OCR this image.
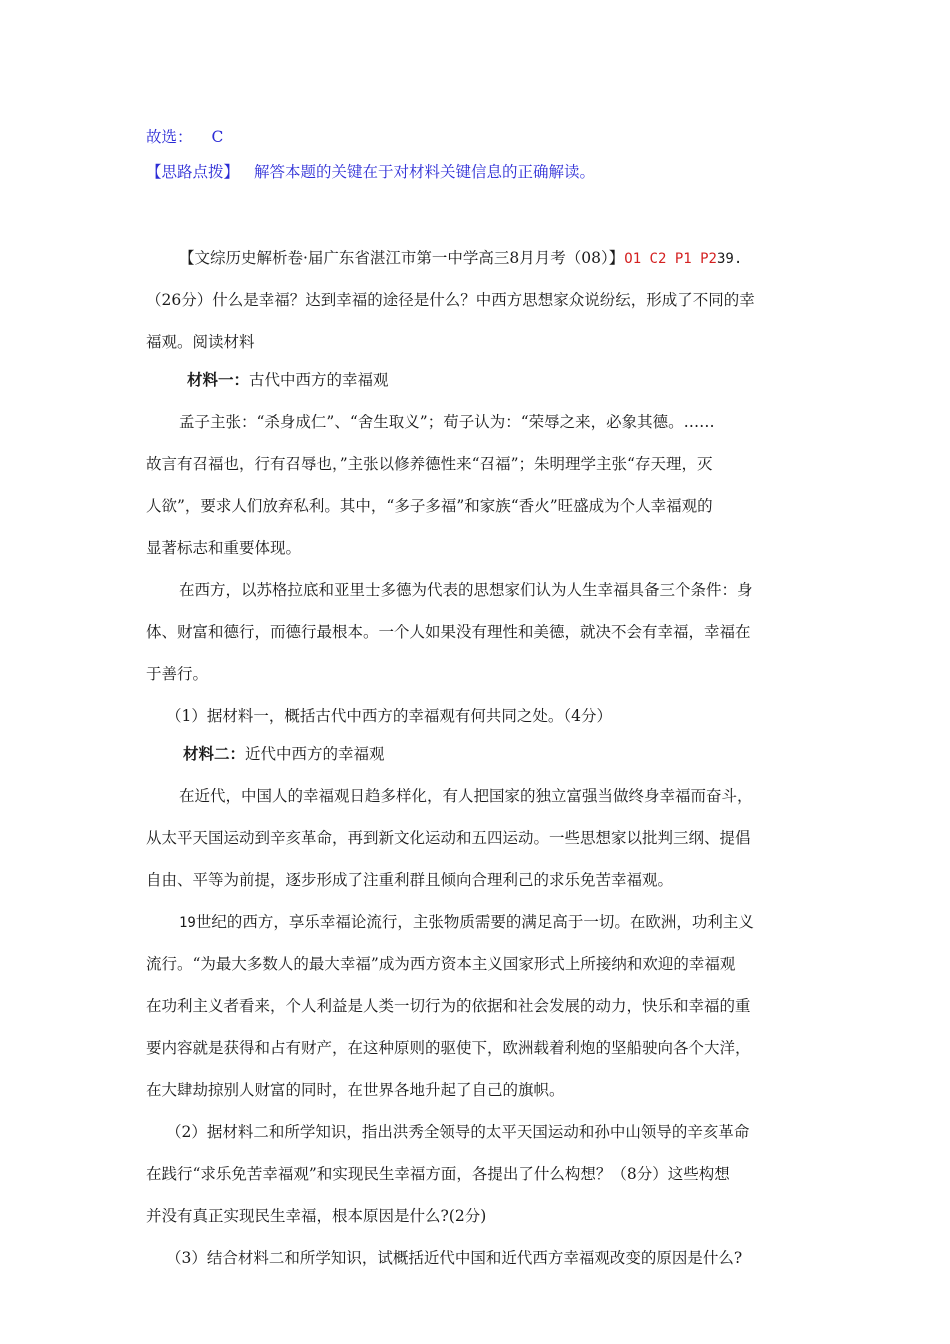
故选： C
【思路点拨】 解答本题的关键在于对材料关键信息的正确解读。
【文综历史解析卷·届广东省湛江市第一中学高三8月月考（08）】O1 C2 P1 P239.
（26分）什么是幸福？达到幸福的途径是什么？中西方思想家众说纷纭，形成了不同的幸
福观。阅读材料
材料一：古代中西方的幸福观
孟子主张：“杀身成仁”、“舍生取义”；荀子认为：“荣辱之来，必象其德。……
故言有召福也，行有召辱也，”主张以修养德性来“召福”；朱明理学主张“存天理，灭
人欲”，要求人们放弃私利。其中，“多子多福”和家族“香火”旺盛成为个人幸福观的
显著标志和重要体现。
在西方，以苏格拉底和亚里士多德为代表的思想家们认为人生幸福具备三个条件：身
体、财富和德行，而德行最根本。一个人如果没有理性和美德，就决不会有幸福，幸福在
于善行。
（1）据材料一，概括古代中西方的幸福观有何共同之处。（4分）
材料二：近代中西方的幸福观
在近代，中国人的幸福观日趋多样化，有人把国家的独立富强当做终身幸福而奋斗，
从太平天国运动到辛亥革命，再到新文化运动和五四运动。一些思想家以批判三纲、提倡
自由、平等为前提，逐步形成了注重利群且倾向合理利己的求乐免苦幸福观。
19世纪的西方，享乐幸福论流行，主张物质需要的满足高于一切。在欧洲，功利主义
流行。“为最大多数人的最大幸福”成为西方资本主义国家形式上所接纳和欢迎的幸福观
在功利主义者看来，个人利益是人类一切行为的依据和社会发展的动力，快乐和幸福的重
要内容就是获得和占有财产，在这种原则的驱使下，欧洲载着利炮的坚船驶向各个大洋，
在大肆劫掠别人财富的同时，在世界各地升起了自己的旗帜。
（2）据材料二和所学知识，指出洪秀全领导的太平天国运动和孙中山领导的辛亥革命
在践行“求乐免苦幸福观”和实现民生幸福方面，各提出了什么构想？（8分）这些构想
并没有真正实现民生幸福，根本原因是什么?(2分)
（3）结合材料二和所学知识，试概括近代中国和近代西方幸福观改变的原因是什么?
